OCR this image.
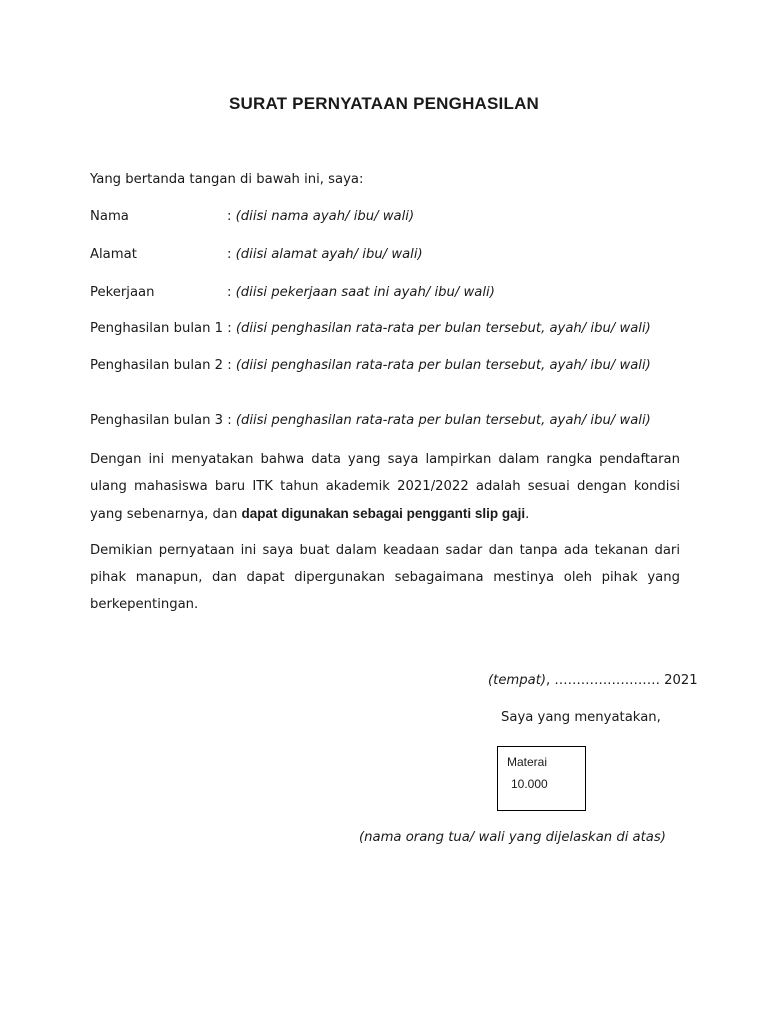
SURAT PERNYATAAN PENGHASILAN
Yang bertanda tangan di bawah ini, saya:
Nama	: (diisi nama ayah/ ibu/ wali)
Alamat	: (diisi alamat ayah/ ibu/ wali)
Pekerjaan	: (diisi pekerjaan saat ini ayah/ ibu/ wali)
Penghasilan bulan 1 : (diisi penghasilan rata-rata per bulan tersebut, ayah/ ibu/ wali)
Penghasilan bulan 2 : (diisi penghasilan rata-rata per bulan tersebut, ayah/ ibu/ wali)
Penghasilan bulan 3 : (diisi penghasilan rata-rata per bulan tersebut, ayah/ ibu/ wali)
Dengan ini menyatakan bahwa data yang saya lampirkan dalam rangka pendaftaran ulang mahasiswa baru ITK tahun akademik 2021/2022 adalah sesuai dengan kondisi yang sebenarnya, dan dapat digunakan sebagai pengganti slip gaji.
Demikian pernyataan ini saya buat dalam keadaan sadar dan tanpa ada tekanan dari pihak manapun, dan dapat dipergunakan sebagaimana mestinya oleh pihak yang berkepentingan.
(tempat), …………………… 2021
Saya yang menyatakan,
Materai
10.000
(nama orang tua/ wali yang dijelaskan di atas)
